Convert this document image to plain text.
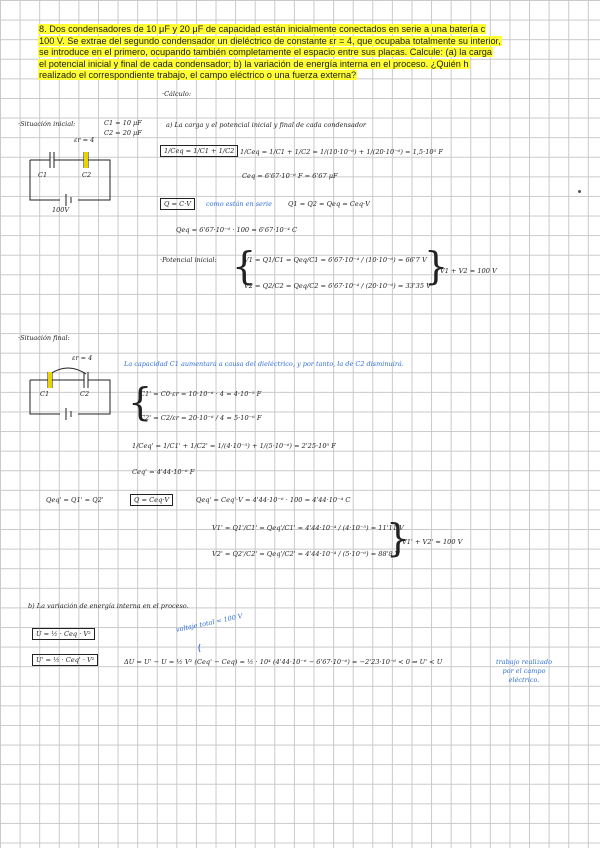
8. Dos condensadores de 10 μF y 20 μF de capacidad están inicialmente conectados en serie a una batería c
100 V. Se extrae del segundo condensador un dieléctrico de constante εr = 4, que ocupaba totalmente su interior,
se introduce en el primero, ocupando también completamente el espacio entre sus placas. Calcule: (a) la carga
el potencial inicial y final de cada condensador; b) la variación de energía interna en el proceso. ¿Quién h
realizado el correspondiente trabajo, el campo eléctrico o una fuerza externa?
·Cálculo:
·Situación inicial:	C1 = 10 μF
C2 = 20 μF
εr = 4
C1	C2
100V
a) La carga y el potencial inicial y final de cada condensador
1/Ceq = 1/C1 + 1/C2 1/Ceq = 1/C1 + 1/C2 = 1/(10·10⁻⁶) + 1/(20·10⁻⁶) = 1,5·10⁵ F
Ceq = 6'67·10⁻⁶ F = 6'67 μF
Q = C·V	como están en serie Q1 = Q2 = Qeq = Ceq·V
Qeq = 6'67·10⁻⁶ · 100 = 6'67·10⁻⁴ C
·Potencial inicial: {
V1 = Q1/C1 = Qeq/C1 = 6'67·10⁻⁴ / (10·10⁻⁶) = 66'7 V
V2 = Q2/C2 = Qeq/C2 = 6'67·10⁻⁴ / (20·10⁻⁶) = 33'35 V
}
V1 + V2 ≈ 100 V
·Situación final:
εr = 4
C1	C2
La capacidad C1 aumentará a causa del dieléctrico, y por tanto, la de C2 disminuirá.
{
C1' = C0·εr = 10·10⁻⁶ · 4 = 4·10⁻⁵ F
C2' = C2/εr = 20·10⁻⁶ / 4 = 5·10⁻⁶ F
1/Ceq' = 1/C1' + 1/C2' = 1/(4·10⁻⁵) + 1/(5·10⁻⁶) = 2'25·10⁵ F
Ceq' = 4'44·10⁻⁶ F
Qeq' = Q1' = Q2'	Q = Ceq·V	Qeq' = Ceq'·V = 4'44·10⁻⁶ · 100 = 4'44·10⁻⁴ C
V1' = Q1'/C1' = Qeq'/C1' = 4'44·10⁻⁴ / (4·10⁻⁵) = 11'11 V
V2' = Q2'/C2' = Qeq'/C2' = 4'44·10⁻⁴ / (5·10⁻⁶) = 88'8 V
}
V1' + V2' ≈ 100 V
b) La variación de energía interna en el proceso.
U = ½ · Ceq · V²
U' = ½ · Ceq' · V²
voltaje total = 100 V
ΔU = U' − U = ½ V² (Ceq' − Ceq) = ½ · 10⁴ (4'44·10⁻⁶ − 6'67·10⁻⁶) = −2'23·10⁻⁶ < 0 ⇒ U' < U	trabajo realizado
por el campo
eléctrico.
